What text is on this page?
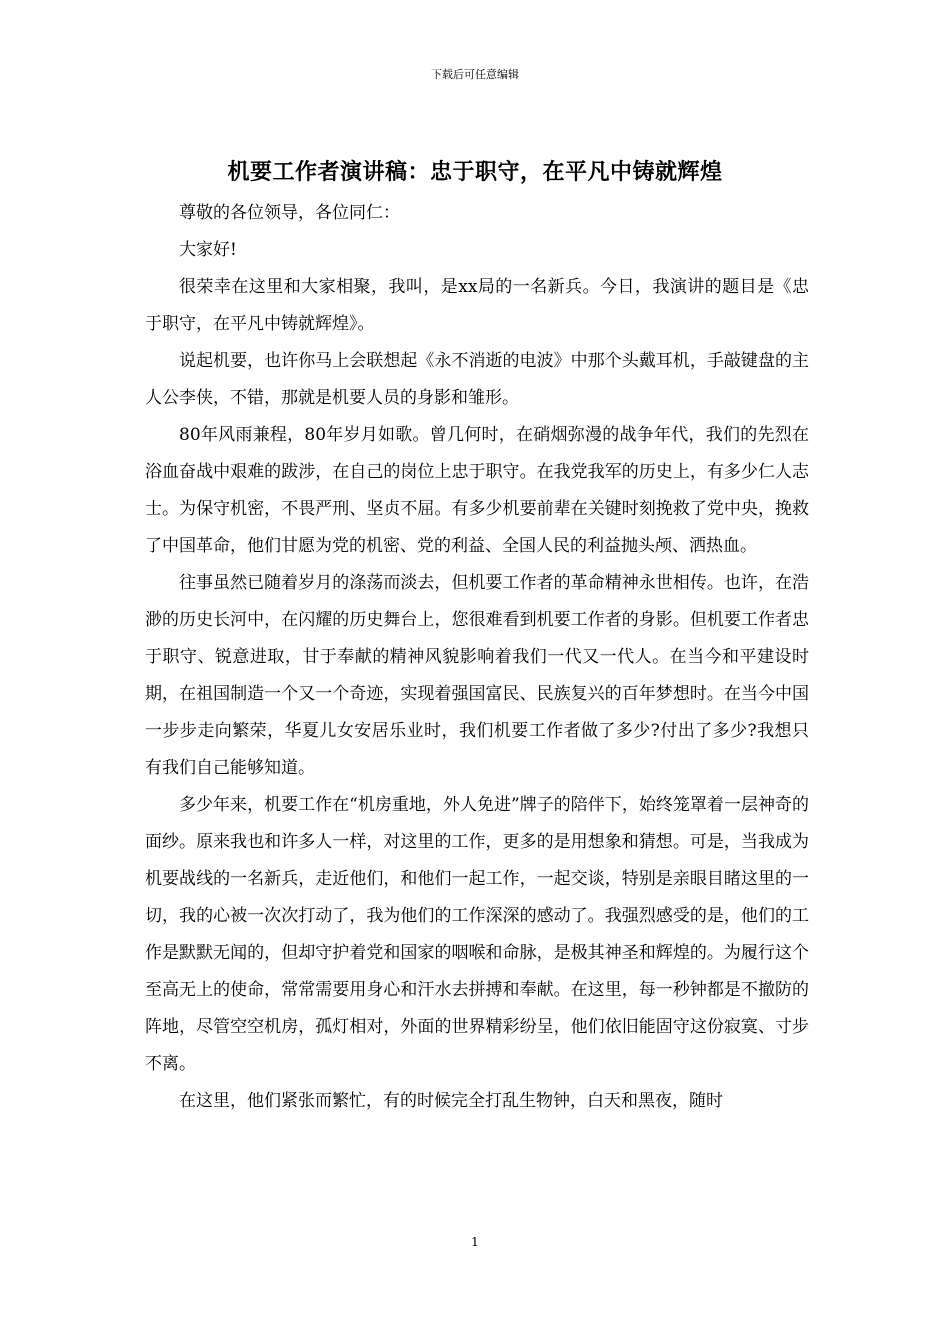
下载后可任意编辑
机要工作者演讲稿：忠于职守，在平凡中铸就辉煌

尊敬的各位领导，各位同仁：

大家好!

很荣幸在这里和大家相聚，我叫，是xx局的一名新兵。今日，我演讲的题目是《忠于职守，在平凡中铸就辉煌》。

说起机要，也许你马上会联想起《永不消逝的电波》中那个头戴耳机，手敲键盘的主人公李侠，不错，那就是机要人员的身影和雏形。

80年风雨兼程，80年岁月如歌。曾几何时，在硝烟弥漫的战争年代，我们的先烈在浴血奋战中艰难的跋涉，在自己的岗位上忠于职守。在我党我军的历史上，有多少仁人志士。为保守机密，不畏严刑、坚贞不屈。有多少机要前辈在关键时刻挽救了党中央，挽救了中国革命，他们甘愿为党的机密、党的利益、全国人民的利益抛头颅、洒热血。

往事虽然已随着岁月的涤荡而淡去，但机要工作者的革命精神永世相传。也许，在浩渺的历史长河中，在闪耀的历史舞台上，您很难看到机要工作者的身影。但机要工作者忠于职守、锐意进取，甘于奉献的精神风貌影响着我们一代又一代人。在当今和平建设时期，在祖国制造一个又一个奇迹，实现着强国富民、民族复兴的百年梦想时。在当今中国一步步走向繁荣，华夏儿女安居乐业时，我们机要工作者做了多少?付出了多少?我想只有我们自己能够知道。

多少年来，机要工作在“机房重地，外人免进”牌子的陪伴下，始终笼罩着一层神奇的面纱。原来我也和许多人一样，对这里的工作，更多的是用想象和猜想。可是，当我成为机要战线的一名新兵，走近他们，和他们一起工作，一起交谈，特别是亲眼目睹这里的一切，我的心被一次次打动了，我为他们的工作深深的感动了。我强烈感受的是，他们的工作是默默无闻的，但却守护着党和国家的咽喉和命脉，是极其神圣和辉煌的。为履行这个至高无上的使命，常常需要用身心和汗水去拼搏和奉献。在这里，每一秒钟都是不撤防的阵地，尽管空空机房，孤灯相对，外面的世界精彩纷呈，他们依旧能固守这份寂寞、寸步不离。

在这里，他们紧张而繁忙，有的时候完全打乱生物钟，白天和黑夜，随时

1
